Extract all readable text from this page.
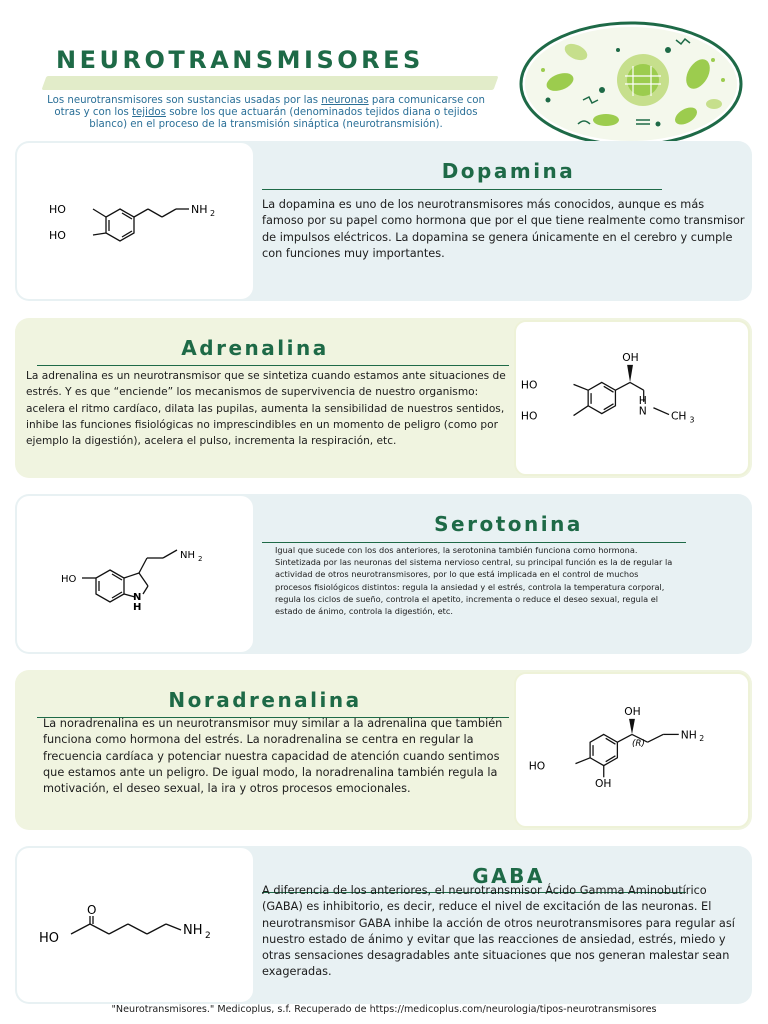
NEUROTRANSMISORES

Los neurotransmisores son sustancias usadas por las neuronas para comunicarse con otras y con los tejidos sobre los que actuarán (denominados tejidos diana o tejidos blanco) en el proceso de la transmisión sináptica (neurotransmisión).

HO
HO
NH 2
Dopamina
La dopamina es uno de los neurotransmisores más conocidos, aunque es más famoso por su papel como hormona que por el que tiene realmente como transmisor de impulsos eléctricos. La dopamina se genera únicamente en el cerebro y cumple con funciones muy importantes.
Adrenalina
La adrenalina es un neurotransmisor que se sintetiza cuando estamos ante situaciones de estrés. Y es que “enciende” los mecanismos de supervivencia de nuestro organismo: acelera el ritmo cardíaco, dilata las pupilas, aumenta la sensibilidad de nuestros sentidos, inhibe las funciones fisiológicas no imprescindibles en un momento de peligro (como por ejemplo la digestión), acelera el pulso, incrementa la respiración, etc.
HO
HO
OH
H
N CH 3
HO
NH 2
N
H
Serotonina
Igual que sucede con los dos anteriores, la serotonina también funciona como hormona. Sintetizada por las neuronas del sistema nervioso central, su principal función es la de regular la actividad de otros neurotransmisores, por lo que está implicada en el control de muchos procesos fisiológicos distintos: regula la ansiedad y el estrés, controla la temperatura corporal, regula los ciclos de sueño, controla el apetito, incrementa o reduce el deseo sexual, regula el estado de ánimo, controla la digestión, etc.
Noradrenalina
La noradrenalina es un neurotransmisor muy similar a la adrenalina que también funciona como hormona del estrés. La noradrenalina se centra en regular la frecuencia cardíaca y potenciar nuestra capacidad de atención cuando sentimos que estamos ante un peligro. De igual modo, la noradrenalina también regula la motivación, el deseo sexual, la ira y otros procesos emocionales.
OH
(R)
NH 2
HO
OH
O
HO
NH 2
GABA
A diferencia de los anteriores, el neurotransmisor Ácido Gamma Aminobutírico (GABA) es inhibitorio, es decir, reduce el nivel de excitación de las neuronas. El neurotransmisor GABA inhibe la acción de otros neurotransmisores para regular así nuestro estado de ánimo y evitar que las reacciones de ansiedad, estrés, miedo y otras sensaciones desagradables ante situaciones que nos generan malestar sean exageradas.
"Neurotransmisores." Medicoplus, s.f. Recuperado de https://medicoplus.com/neurologia/tipos-neurotransmisores
